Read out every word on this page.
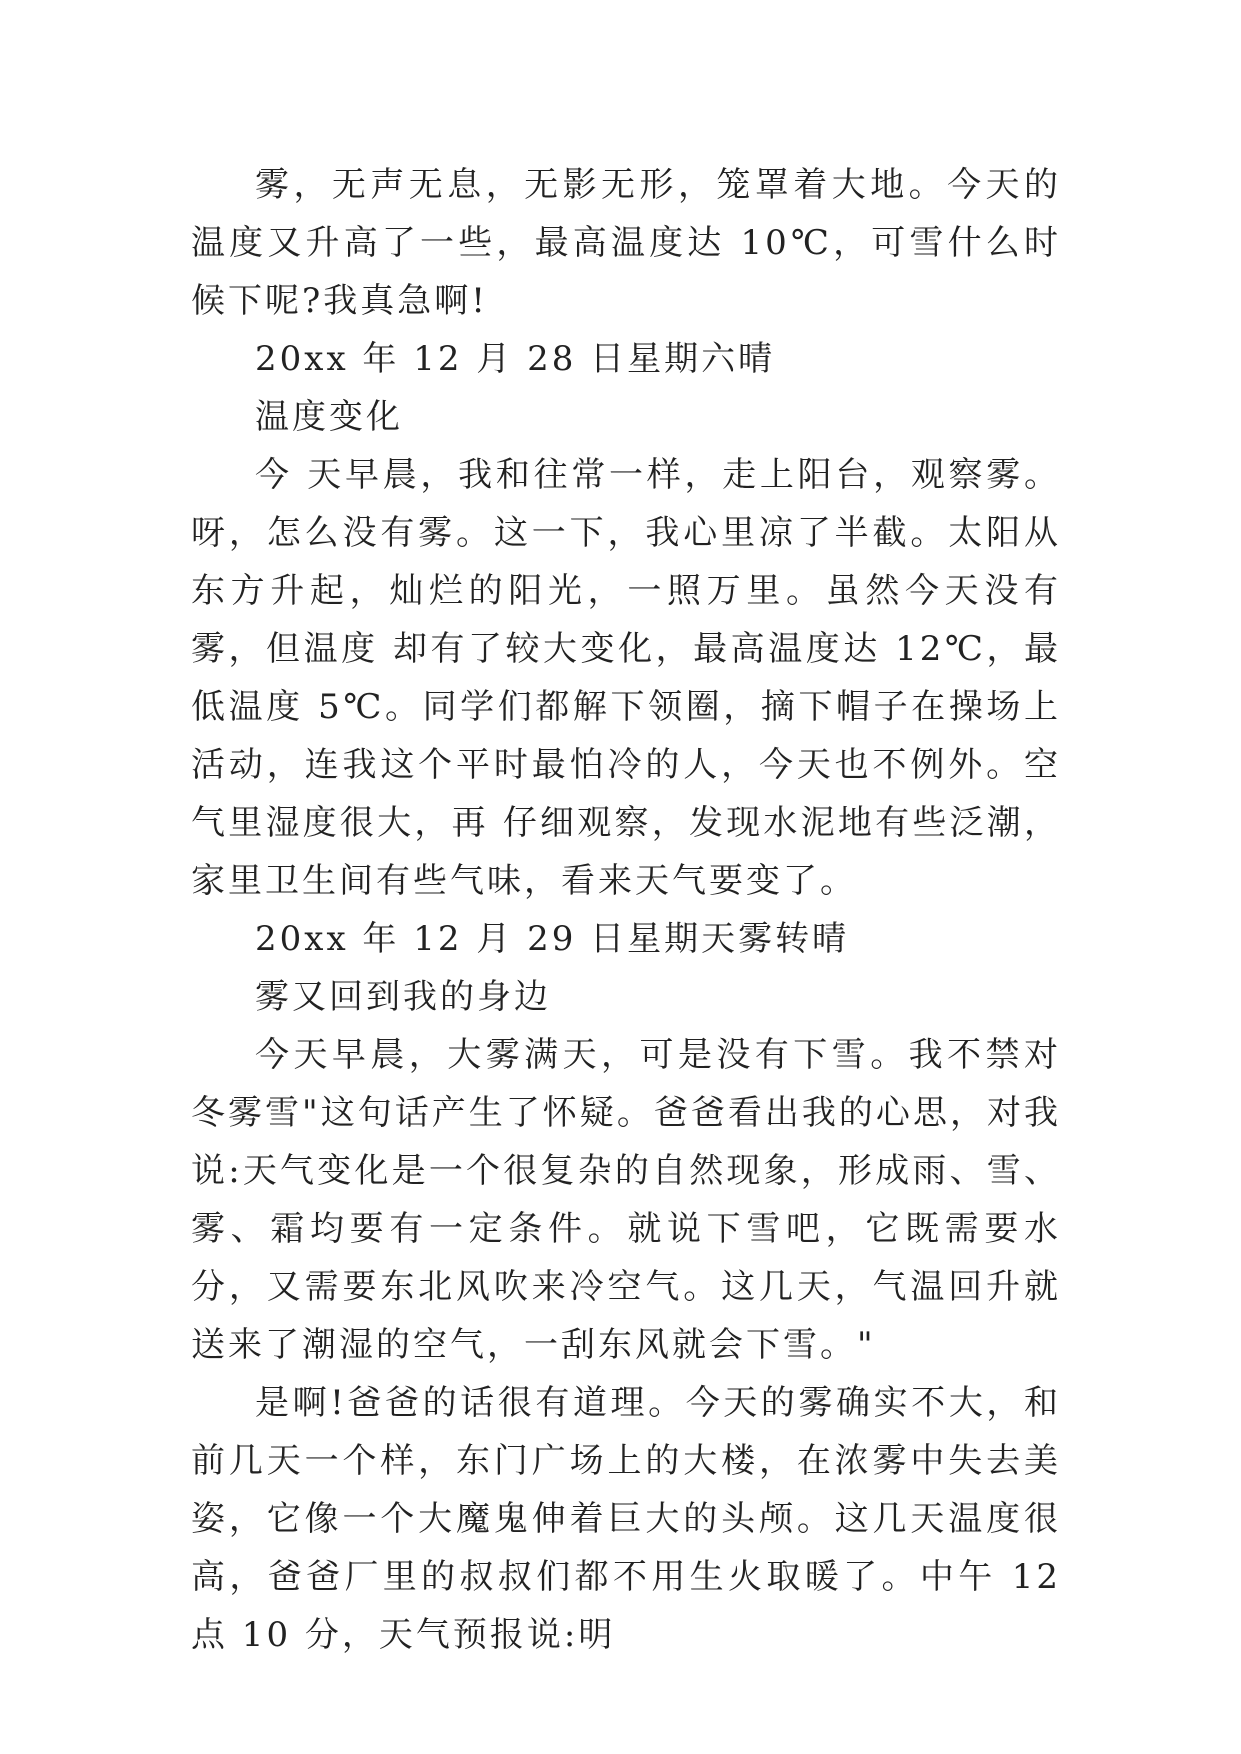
雾，无声无息，无影无形，笼罩着大地。今天的温度又升高了一些，最高温度达 10℃，可雪什么时候下呢?我真急啊!

20xx 年 12 月 28 日星期六晴

温度变化

今 天早晨，我和往常一样，走上阳台，观察雾。呀，怎么没有雾。这一下，我心里凉了半截。太阳从东方升起，灿烂的阳光，一照万里。虽然今天没有雾，但温度 却有了较大变化，最高温度达 12℃，最低温度 5℃。同学们都解下领圈，摘下帽子在操场上活动，连我这个平时最怕冷的人，今天也不例外。空气里湿度很大，再 仔细观察，发现水泥地有些泛潮，家里卫生间有些气味，看来天气要变了。

20xx 年 12 月 29 日星期天雾转晴

雾又回到我的身边

今天早晨，大雾满天，可是没有下雪。我不禁对冬雾雪"这句话产生了怀疑。爸爸看出我的心思，对我说:天气变化是一个很复杂的自然现象，形成雨、雪、雾、霜均要有一定条件。就说下雪吧，它既需要水分，又需要东北风吹来冷空气。这几天，气温回升就送来了潮湿的空气，一刮东风就会下雪。"

是啊!爸爸的话很有道理。今天的雾确实不大，和前几天一个样，东门广场上的大楼，在浓雾中失去美姿，它像一个大魔鬼伸着巨大的头颅。这几天温度很高，爸爸厂里的叔叔们都不用生火取暖了。中午 12 点 10 分，天气预报说:明
